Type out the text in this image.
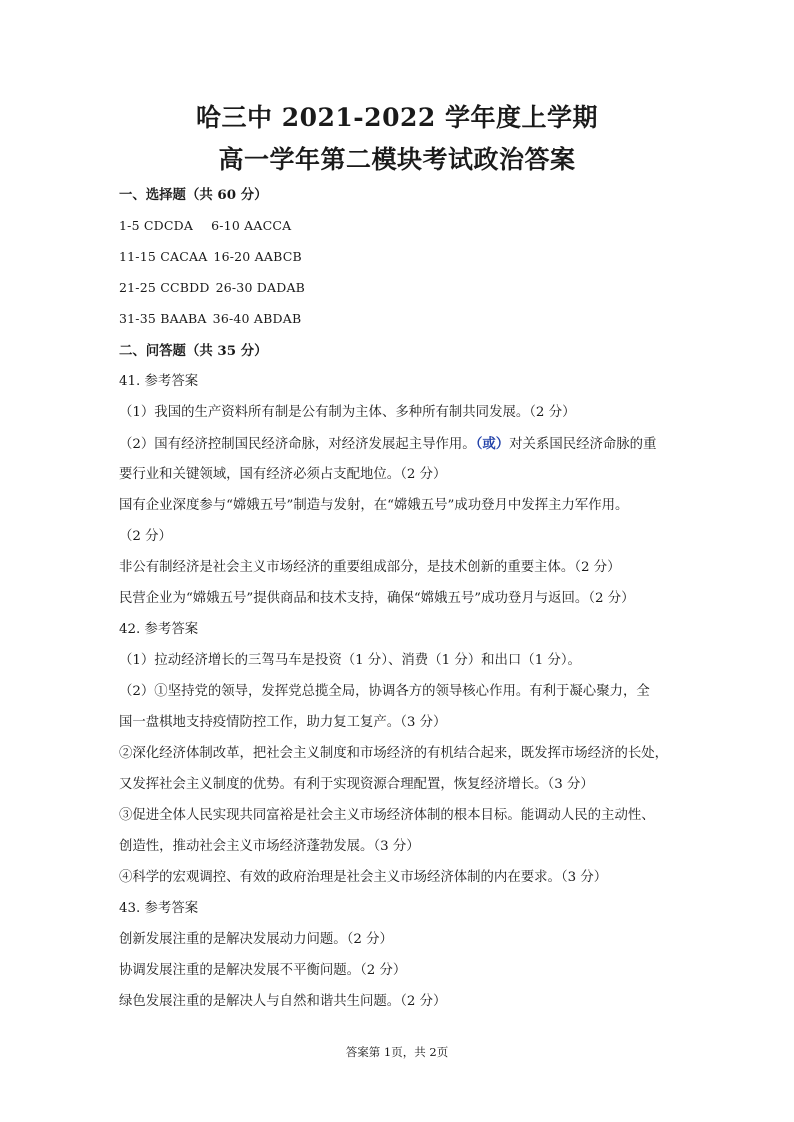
哈三中 2021-2022 学年度上学期
高一学年第二模块考试政治答案
一、选择题（共 60 分）
1-5 CDCDA 6-10 AACCA
11-15 CACAA 16-20 AABCB
21-25 CCBDD 26-30 DADAB
31-35 BAABA 36-40 ABDAB
二、问答题（共 35 分）
41. 参考答案
（1）我国的生产资料所有制是公有制为主体、多种所有制共同发展。（2 分）
（2）国有经济控制国民经济命脉，对经济发展起主导作用。（或）对关系国民经济命脉的重
要行业和关键领域，国有经济必须占支配地位。（2 分）
国有企业深度参与“嫦娥五号”制造与发射，在“嫦娥五号”成功登月中发挥主力军作用。
（2 分）
非公有制经济是社会主义市场经济的重要组成部分，是技术创新的重要主体。（2 分）
民营企业为“嫦娥五号”提供商品和技术支持，确保“嫦娥五号”成功登月与返回。（2 分）
42. 参考答案
（1）拉动经济增长的三驾马车是投资（1 分）、消费（1 分）和出口（1 分）。
（2）①坚持党的领导，发挥党总揽全局，协调各方的领导核心作用。有利于凝心聚力，全
国一盘棋地支持疫情防控工作，助力复工复产。（3 分）
②深化经济体制改革，把社会主义制度和市场经济的有机结合起来，既发挥市场经济的长处，
又发挥社会主义制度的优势。有利于实现资源合理配置，恢复经济增长。（3 分）
③促进全体人民实现共同富裕是社会主义市场经济体制的根本目标。能调动人民的主动性、
创造性，推动社会主义市场经济蓬勃发展。（3 分）
④科学的宏观调控、有效的政府治理是社会主义市场经济体制的内在要求。（3 分）
43. 参考答案
创新发展注重的是解决发展动力问题。（2 分）
协调发展注重的是解决发展不平衡问题。（2 分）
绿色发展注重的是解决人与自然和谐共生问题。（2 分）
答案第 1页，共 2页
